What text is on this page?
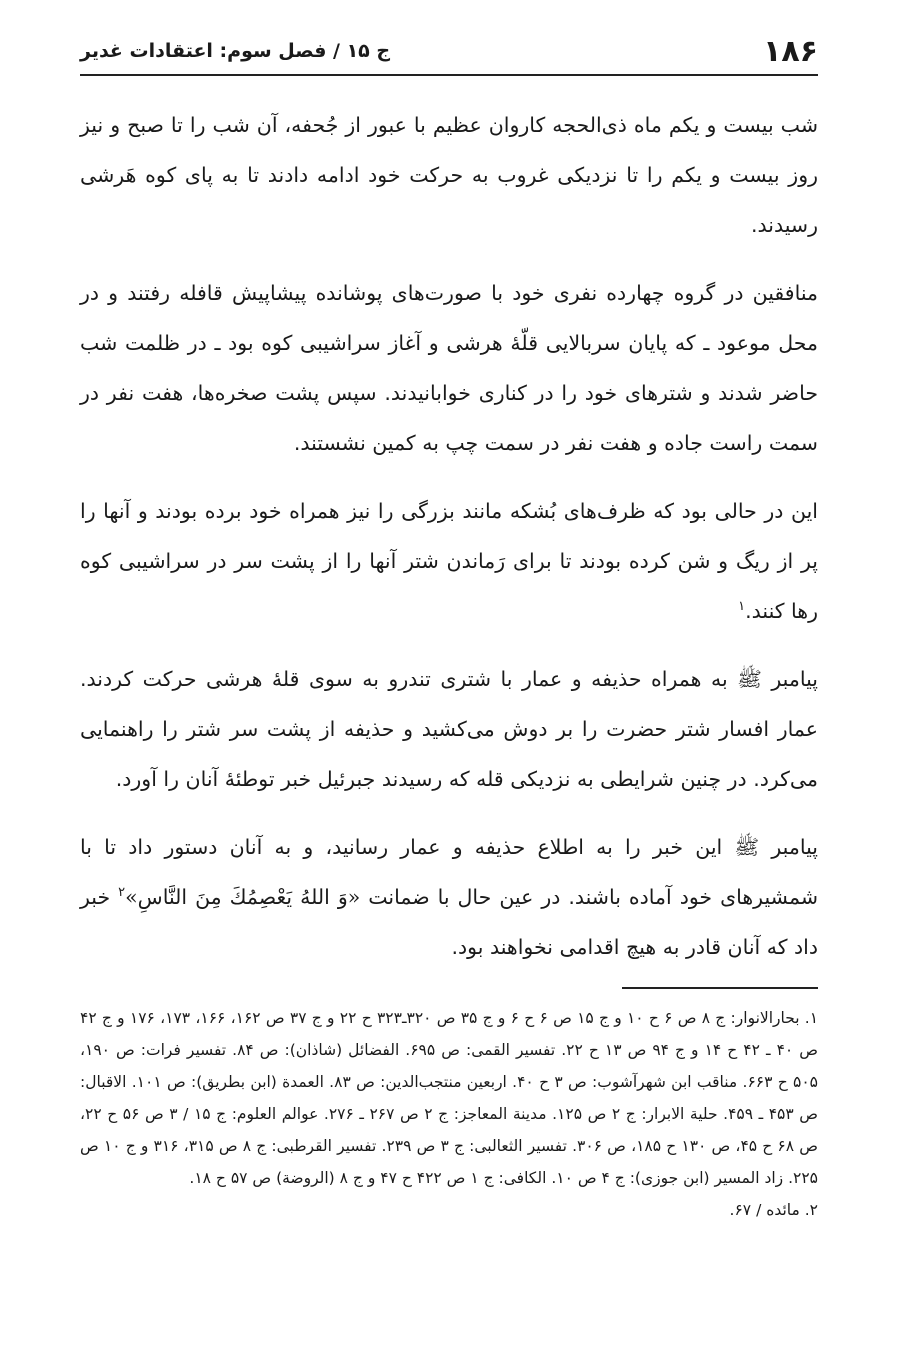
۱۸۶
ج ۱۵ / فصل سوم: اعتقادات غدیر

شب بیست و یکم ماه ذی‌الحجه کاروان عظیم با عبور از جُحفه، آن شب را تا صبح و نیز روز بیست و یکم را تا نزدیکی غروب به حرکت خود ادامه دادند تا به پای کوه هَرشی رسیدند.

منافقین در گروه چهارده نفری خود با صورت‌های پوشانده پیشاپیش قافله رفتند و در محل موعود ـ که پایان سربالایی قلّهٔ هرشی و آغاز سراشیبی کوه بود ـ در ظلمت شب حاضر شدند و شترهای خود را در کناری خوابانیدند. سپس پشت صخره‌ها، هفت نفر در سمت راست جاده و هفت نفر در سمت چپ به کمین نشستند.

این در حالی بود که ظرف‌های بُشکه مانند بزرگی را نیز همراه خود برده بودند و آنها را پر از ریگ و شن کرده بودند تا برای رَماندن شتر آنها را از پشت سر در سراشیبی کوه رها کنند.$^۱$

پیامبر ﷺ به همراه حذیفه و عمار با شتری تندرو به سوی قلهٔ هرشی حرکت کردند. عمار افسار شتر حضرت را بر دوش می‌کشید و حذیفه از پشت سر شتر را راهنمایی می‌کرد. در چنین شرایطی به نزدیکی قله که رسیدند جبرئیل خبر توطئهٔ آنان را آورد.

پیامبر ﷺ این خبر را به اطلاع حذیفه و عمار رسانید، و به آنان دستور داد تا با شمشیرهای خود آماده باشند. در عین حال با ضمانت «وَ اللهُ يَعْصِمُكَ مِنَ النَّاسِ»$^۲$ خبر داد که آنان قادر به هیچ اقدامی نخواهند بود.

۱. بحارالانوار: ج ۸ ص ۶ ح ۱۰ و ج ۱۵ ص ۶ ح ۶ و ج ۳۵ ص ۳۲۰ـ۳۲۳ ح ۲۲ و ج ۳۷ ص ۱۶۲، ۱۶۶، ۱۷۳، ۱۷۶ و ج ۴۲ ص ۴۰ ـ ۴۲ ح ۱۴ و ج ۹۴ ص ۱۳ ح ۲۲. تفسیر القمی: ص ۶۹۵. الفضائل (شاذان): ص ۸۴. تفسیر فرات: ص ۱۹۰، ۵۰۵ ح ۶۶۳. مناقب ابن شهرآشوب: ص ۳ ح ۴۰. اربعین منتجب‌الدین: ص ۸۳. العمدة (ابن بطریق): ص ۱۰۱. الاقبال: ص ۴۵۳ ـ ۴۵۹. حلیة الابرار: ج ۲ ص ۱۲۵. مدینة المعاجز: ج ۲ ص ۲۶۷ ـ ۲۷۶. عوالم العلوم: ج ۱۵ / ۳ ص ۵۶ ح ۲۲، ص ۶۸ ح ۴۵، ص ۱۳۰ ح ۱۸۵، ص ۳۰۶. تفسیر الثعالبی: ج ۳ ص ۲۳۹. تفسیر القرطبی: ج ۸ ص ۳۱۵، ۳۱۶ و ج ۱۰ ص ۲۲۵. زاد المسیر (ابن جوزی): ج ۴ ص ۱۰. الکافی: ج ۱ ص ۴۲۲ ح ۴۷ و ج ۸ (الروضة) ص ۵۷ ح ۱۸.

۲. مائده / ۶۷.
